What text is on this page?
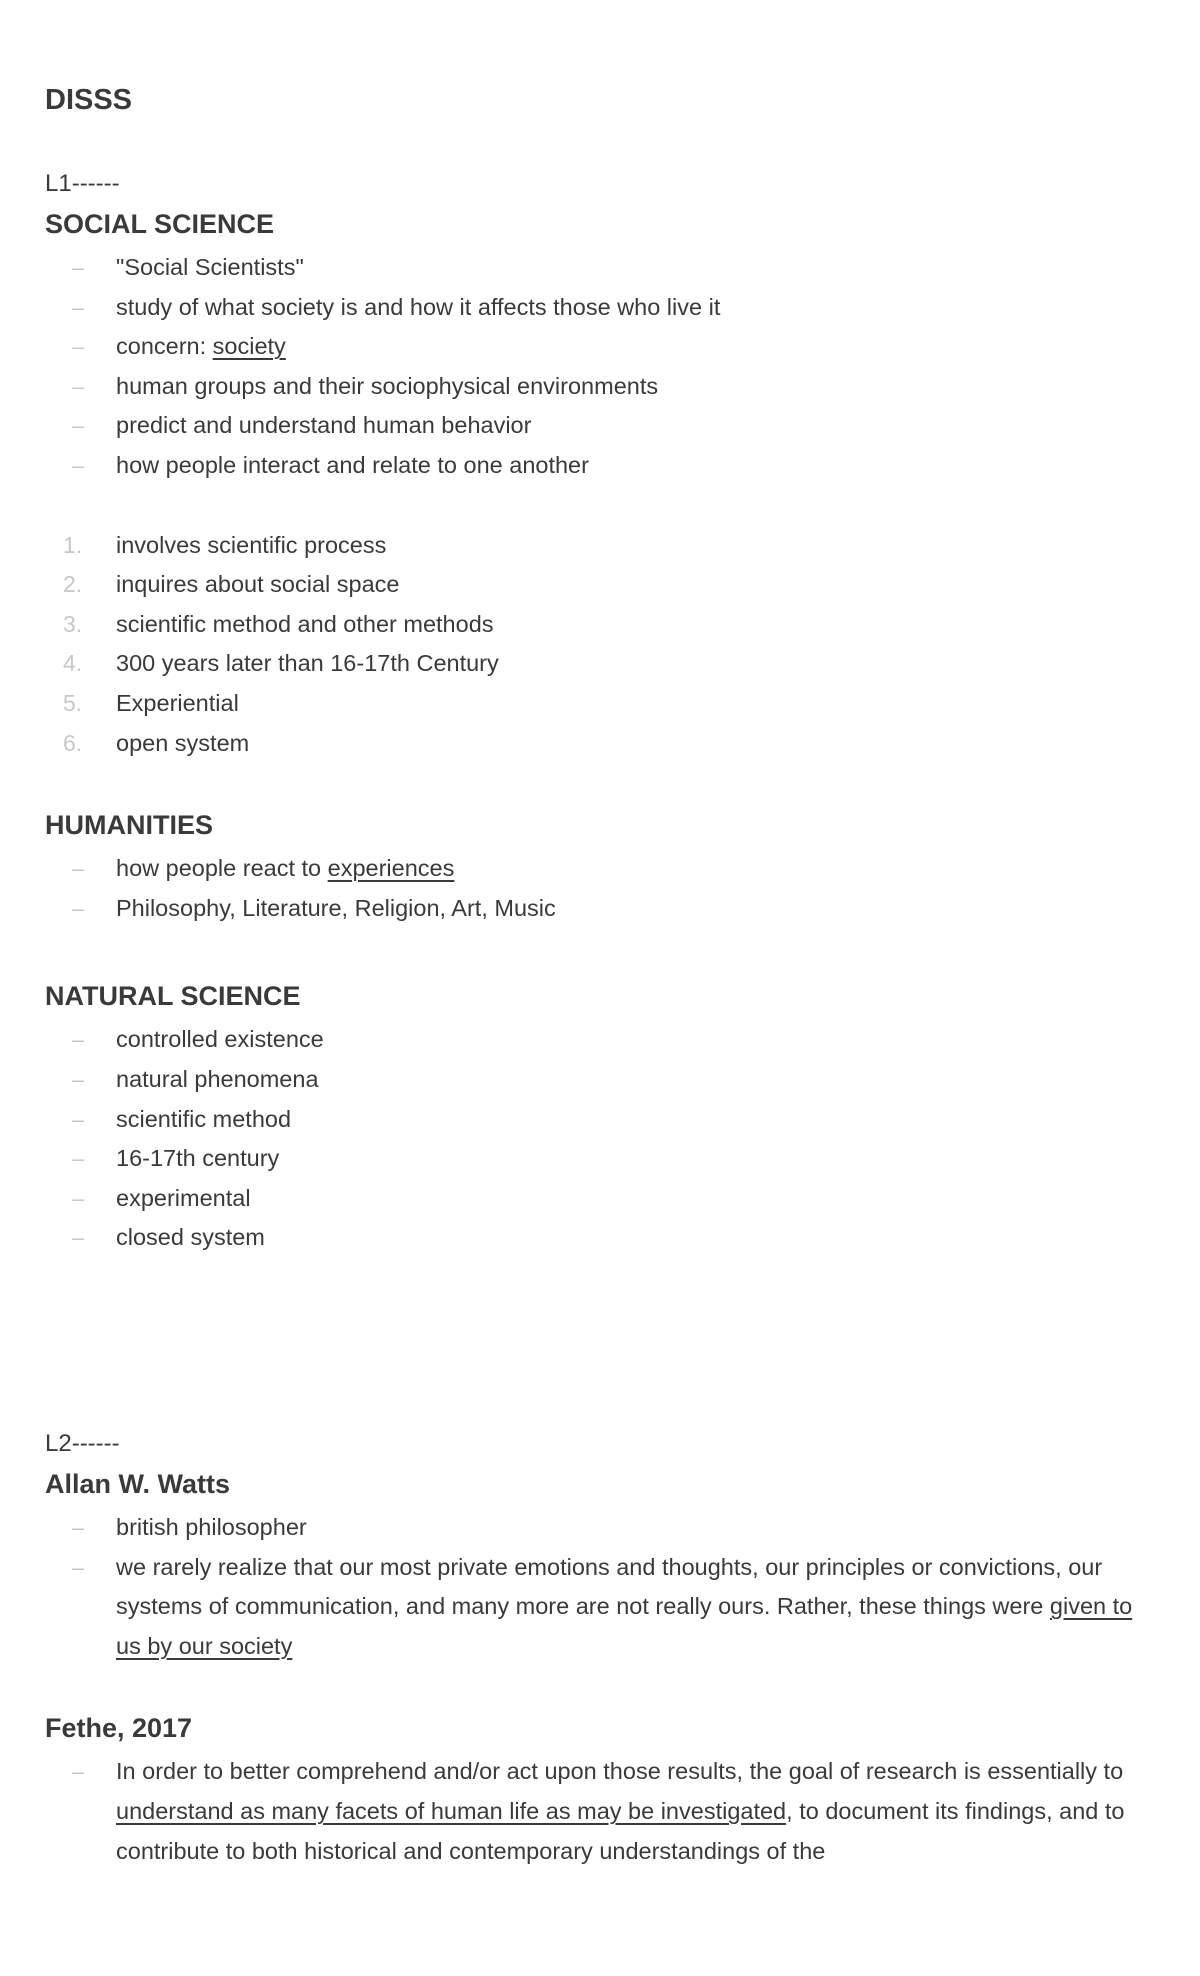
DISSS
L1------
SOCIAL SCIENCE
–	"Social Scientists"
–	study of what society is and how it affects those who live it
–	concern: society
–	human groups and their sociophysical environments
–	predict and understand human behavior
–	how people interact and relate to one another
1.	involves scientific process
2.	inquires about social space
3.	scientific method and other methods
4.	300 years later than 16-17th Century
5.	Experiential
6.	open system
HUMANITIES
–	how people react to experiences
–	Philosophy, Literature, Religion, Art, Music
NATURAL SCIENCE
–	controlled existence
–	natural phenomena
–	scientific method
–	16-17th century
–	experimental
–	closed system
L2------
Allan W. Watts
–	british philosopher
–	we rarely realize that our most private emotions and thoughts, our principles or convictions, our systems of communication, and many more are not really ours. Rather, these things were given to us by our society
Fethe, 2017
–	In order to better comprehend and/or act upon those results, the goal of research is essentially to understand as many facets of human life as may be investigated, to document its findings, and to contribute to both historical and contemporary understandings of the
